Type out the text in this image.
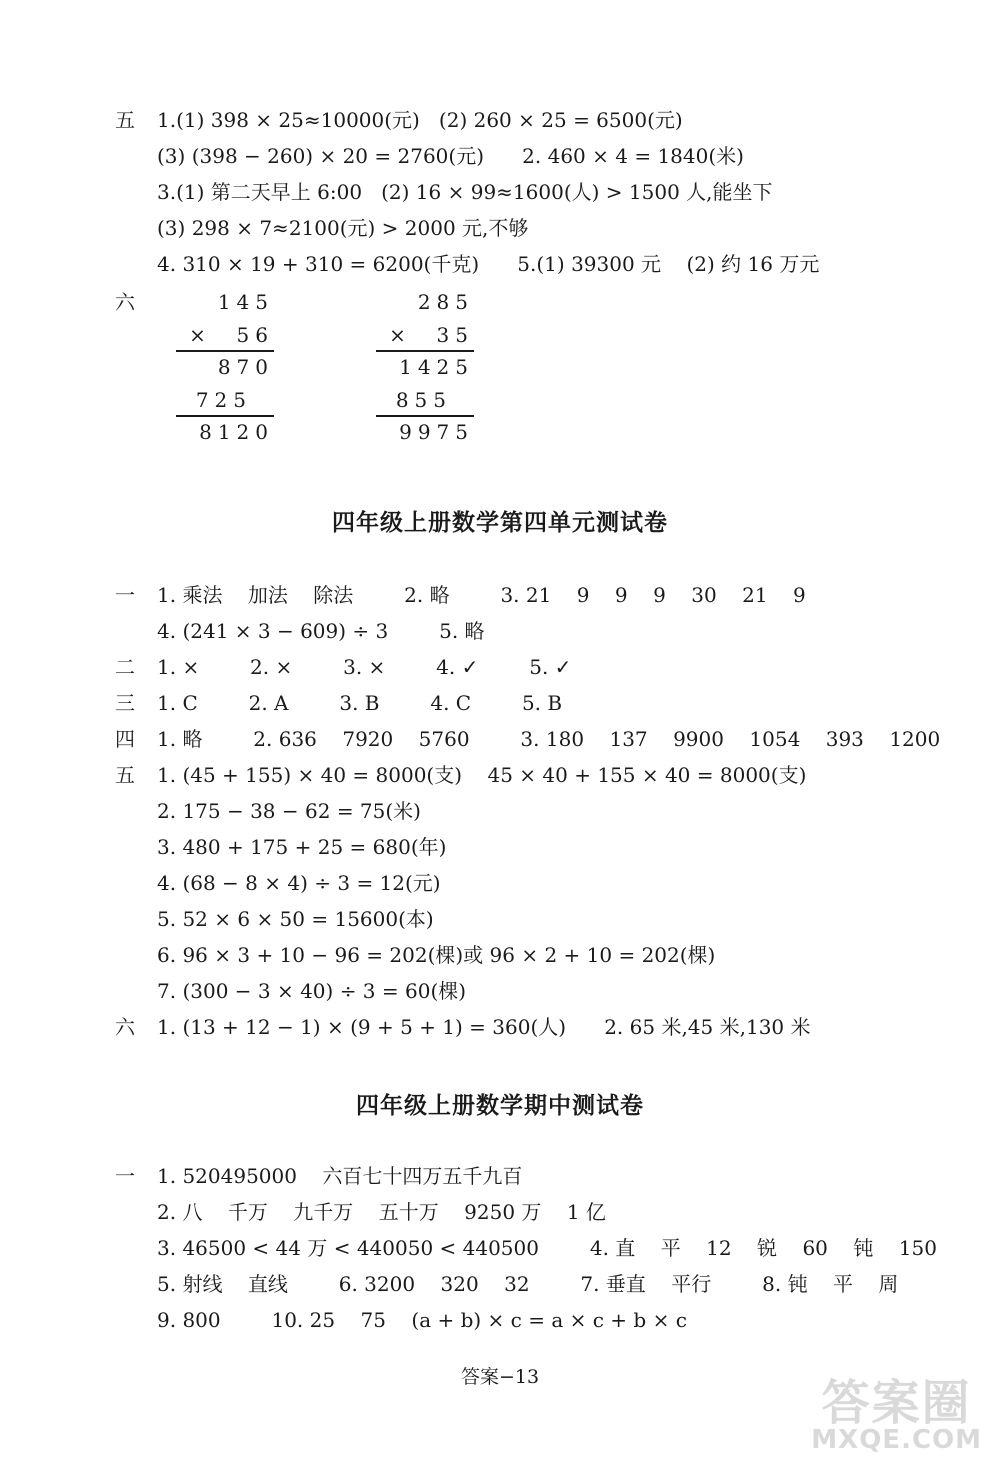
五 1.(1) 398 × 25≈10000(元)   (2) 260 × 25 = 6500(元)
(3) (398 − 260) × 20 = 2760(元)      2. 460 × 4 = 1840(米)
3.(1) 第二天早上 6:00   (2) 16 × 99≈1600(人) > 1500 人,能坐下
(3) 298 × 7≈2100(元) > 2000 元,不够
4. 310 × 19 + 310 = 6200(千克)      5.(1) 39300 元    (2) 约 16 万元
六	145
×  56
870
725
8120
285
×  35
1425
855
9975
四年级上册数学第四单元测试卷
一 1. 乘法    加法    除法        2. 略        3. 21    9    9    9    30    21    9
4. (241 × 3 − 609) ÷ 3        5. 略
二 1. ×        2. ×        3. ×        4. ✓        5. ✓
三 1. C        2. A        3. B        4. C        5. B
四 1. 略        2. 636    7920    5760        3. 180    137    9900    1054    393    1200
五 1. (45 + 155) × 40 = 8000(支)    45 × 40 + 155 × 40 = 8000(支)
2. 175 − 38 − 62 = 75(米)
3. 480 + 175 + 25 = 680(年)
4. (68 − 8 × 4) ÷ 3 = 12(元)
5. 52 × 6 × 50 = 15600(本)
6. 96 × 3 + 10 − 96 = 202(棵)或 96 × 2 + 10 = 202(棵)
7. (300 − 3 × 40) ÷ 3 = 60(棵)
六 1. (13 + 12 − 1) × (9 + 5 + 1) = 360(人)      2. 65 米,45 米,130 米
四年级上册数学期中测试卷
一 1. 520495000    六百七十四万五千九百
2. 八    千万    九千万    五十万    9250 万    1 亿
3. 46500 < 44 万 < 440050 < 440500        4. 直    平    12    锐    60    钝    150
5. 射线    直线        6. 3200    320    32        7. 垂直    平行        8. 钝    平    周
9. 800        10. 25    75    (a + b) × c = a × c + b × c
答案−13	答案圈
MXQE.COM
